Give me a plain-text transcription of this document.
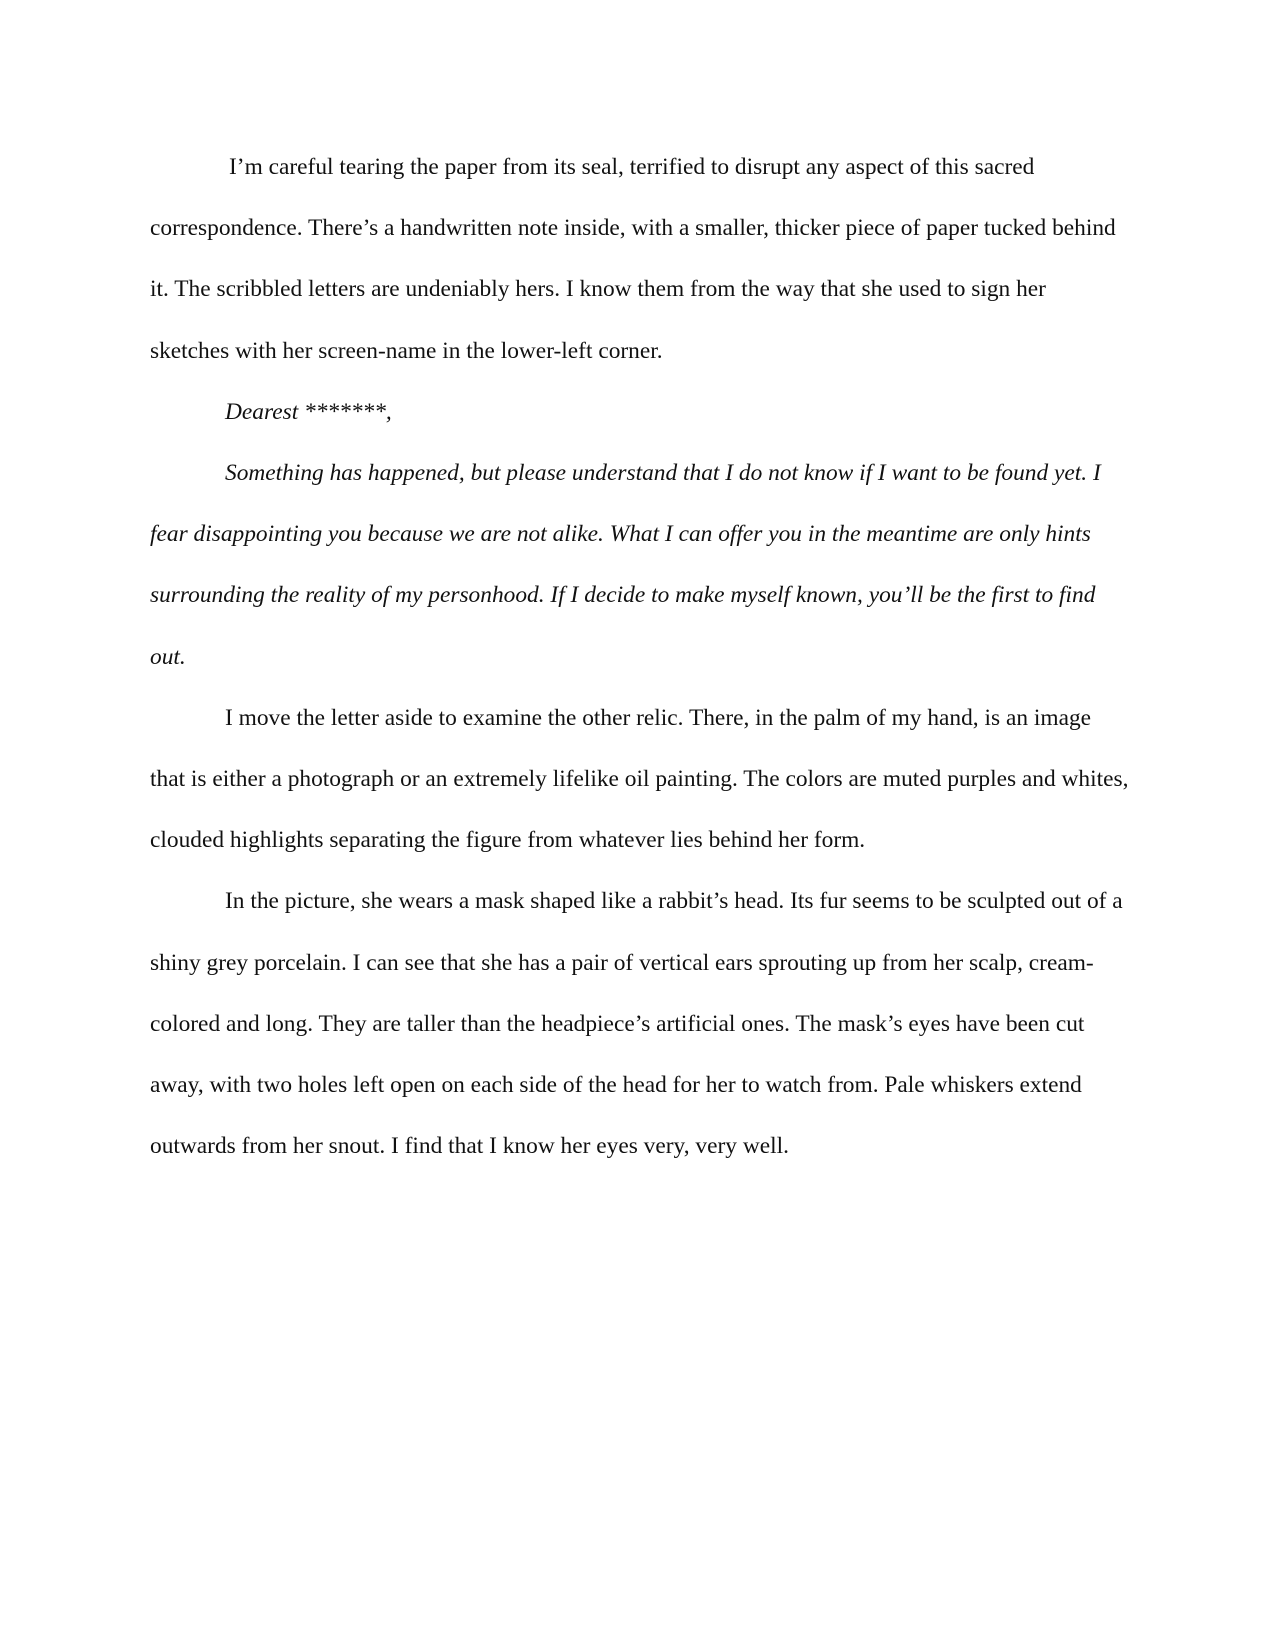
I’m careful tearing the paper from its seal, terrified to disrupt any aspect of this sacred correspondence. There’s a handwritten note inside, with a smaller, thicker piece of paper tucked behind it. The scribbled letters are undeniably hers. I know them from the way that she used to sign her sketches with her screen-name in the lower-left corner.

Dearest *******,

Something has happened, but please understand that I do not know if I want to be found yet. I fear disappointing you because we are not alike. What I can offer you in the meantime are only hints surrounding the reality of my personhood. If I decide to make myself known, you’ll be the first to find out.

I move the letter aside to examine the other relic. There, in the palm of my hand, is an image that is either a photograph or an extremely lifelike oil painting. The colors are muted purples and whites, clouded highlights separating the figure from whatever lies behind her form.

In the picture, she wears a mask shaped like a rabbit’s head. Its fur seems to be sculpted out of a shiny grey porcelain. I can see that she has a pair of vertical ears sprouting up from her scalp, cream-colored and long. They are taller than the headpiece’s artificial ones. The mask’s eyes have been cut away, with two holes left open on each side of the head for her to watch from. Pale whiskers extend outwards from her snout. I find that I know her eyes very, very well.
